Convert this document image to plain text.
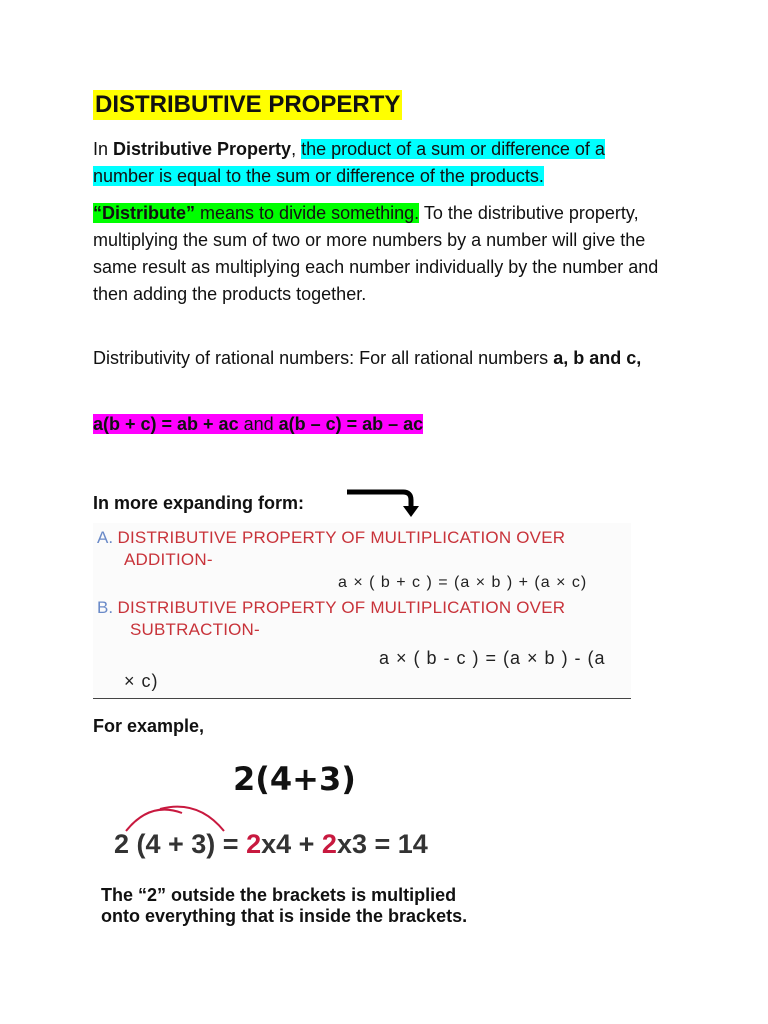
DISTRIBUTIVE PROPERTY
In Distributive Property, the product of a sum or difference of a number is equal to the sum or difference of the products.
“Distribute” means to divide something. To the distributive property, multiplying the sum of two or more numbers by a number will give the same result as multiplying each number individually by the number and then adding the products together.
Distributivity of rational numbers: For all rational numbers a, b and c,
a(b + c) = ab + ac and a(b – c) = ab – ac
In more expanding form:
A. DISTRIBUTIVE PROPERTY OF MULTIPLICATION OVER
ADDITION-
a × ( b + c ) = (a × b ) + (a × c)
B. DISTRIBUTIVE PROPERTY OF MULTIPLICATION OVER
SUBTRACTION-
a × ( b - c ) = (a × b ) - (a
× c)
For example,
2(4+3)
2 (4 + 3) = 2x4 + 2x3 = 14
The “2” outside the brackets is multiplied
onto everything that is inside the brackets.
